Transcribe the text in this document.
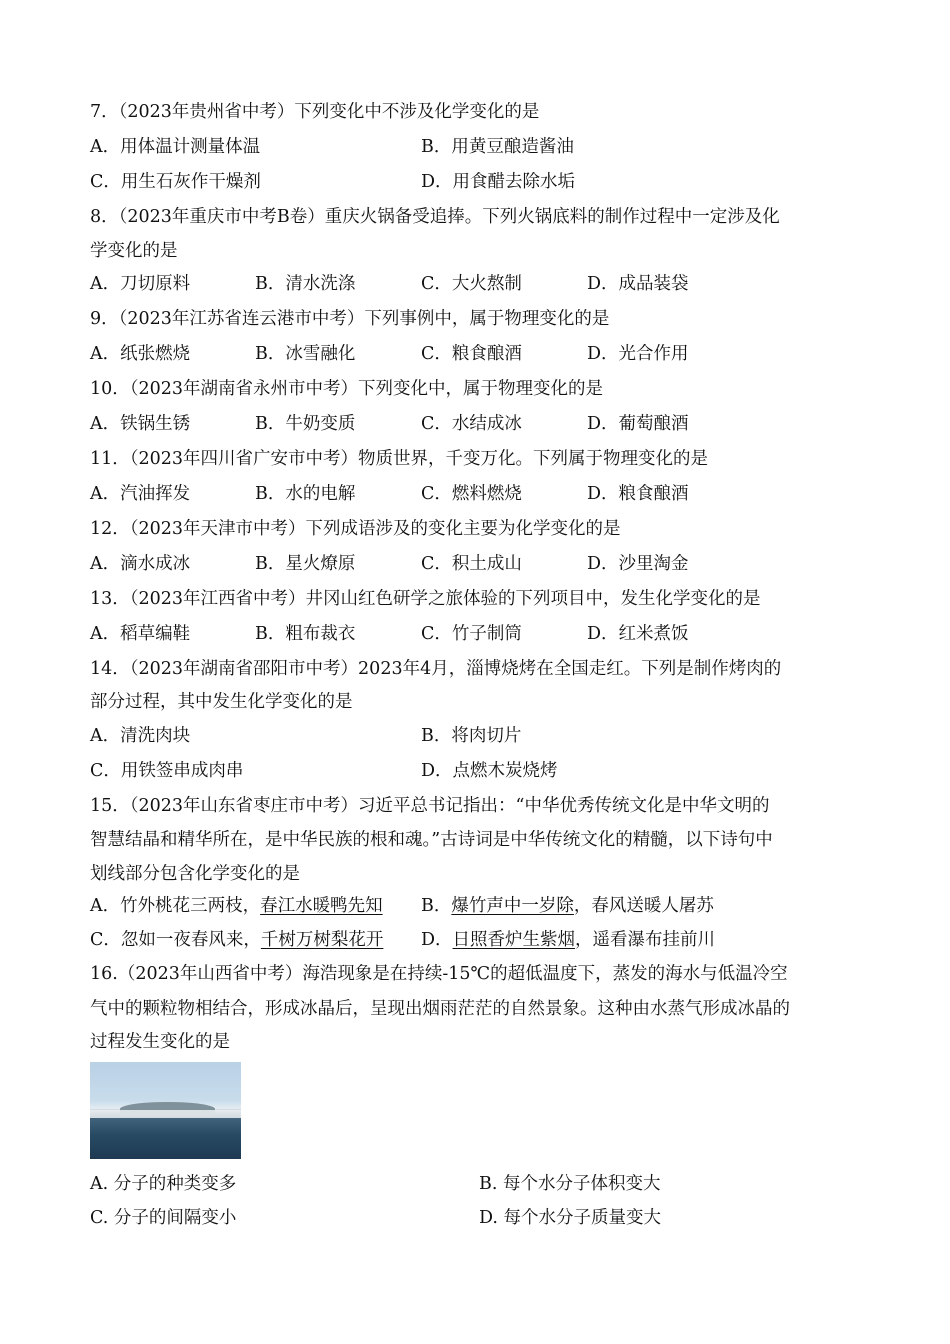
7．（2023年贵州省中考）下列变化中不涉及化学变化的是
A．用体温计测量体温	B．用黄豆酿造酱油
C．用生石灰作干燥剂	D．用食醋去除水垢
8．（2023年重庆市中考B卷）重庆火锅备受追捧。下列火锅底料的制作过程中一定涉及化
学变化的是
A．刀切原料	B．清水洗涤	C．大火熬制	D．成品装袋
9．（2023年江苏省连云港市中考）下列事例中，属于物理变化的是
A．纸张燃烧	B．冰雪融化	C．粮食酿酒	D．光合作用
10．（2023年湖南省永州市中考）下列变化中，属于物理变化的是
A．铁锅生锈	B．牛奶变质	C．水结成冰	D．葡萄酿酒
11．（2023年四川省广安市中考）物质世界，千变万化。下列属于物理变化的是
A．汽油挥发	B．水的电解	C．燃料燃烧	D．粮食酿酒
12．（2023年天津市中考）下列成语涉及的变化主要为化学变化的是
A．滴水成冰	B．星火燎原	C．积土成山	D．沙里淘金
13．（2023年江西省中考）井冈山红色研学之旅体验的下列项目中，发生化学变化的是
A．稻草编鞋	B．粗布裁衣	C．竹子制筒	D．红米煮饭
14．（2023年湖南省邵阳市中考）2023年4月，淄博烧烤在全国走红。下列是制作烤肉的
部分过程，其中发生化学变化的是
A．清洗肉块	B．将肉切片
C．用铁签串成肉串	D．点燃木炭烧烤
15．（2023年山东省枣庄市中考）习近平总书记指出：“中华优秀传统文化是中华文明的
智慧结晶和精华所在，是中华民族的根和魂。”古诗词是中华传统文化的精髓，以下诗句中
划线部分包含化学变化的是
A．竹外桃花三两枝，春江水暖鸭先知 B．爆竹声中一岁除，春风送暖人屠苏
C．忽如一夜春风来，千树万树梨花开 D．日照香炉生紫烟，遥看瀑布挂前川
16.（2023年山西省中考）海浩现象是在持续-15℃的超低温度下，蒸发的海水与低温冷空
气中的颗粒物相结合，形成冰晶后，呈现出烟雨茫茫的自然景象。这种由水蒸气形成冰晶的
过程发生变化的是
A. 分子的种类变多	B. 每个水分子体积变大
C. 分子的间隔变小	D. 每个水分子质量变大
